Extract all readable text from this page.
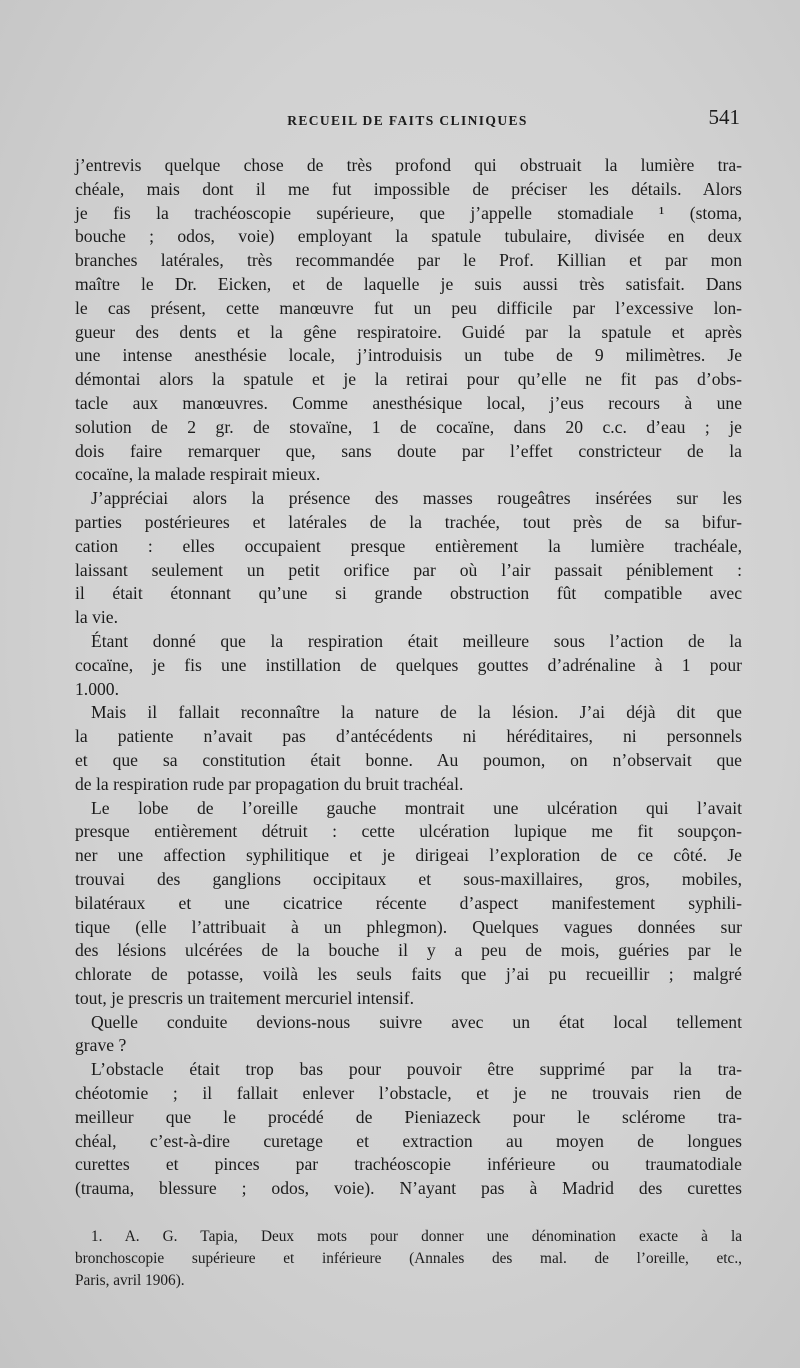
RECUEIL DE FAITS CLINIQUES	541
j’entrevis quelque chose de très profond qui obstruait la lumière tra-
chéale, mais dont il me fut impossible de préciser les détails. Alors
je fis la trachéoscopie supérieure, que j’appelle stomadiale ¹ (stoma,
bouche ; odos, voie) employant la spatule tubulaire, divisée en deux
branches latérales, très recommandée par le Prof. Killian et par mon
maître le Dr. Eicken, et de laquelle je suis aussi très satisfait. Dans
le cas présent, cette manœuvre fut un peu difficile par l’excessive lon-
gueur des dents et la gêne respiratoire. Guidé par la spatule et après
une intense anesthésie locale, j’introduisis un tube de 9 milimètres. Je
démontai alors la spatule et je la retirai pour qu’elle ne fit pas d’obs-
tacle aux manœuvres. Comme anesthésique local, j’eus recours à une
solution de 2 gr. de stovaïne, 1 de cocaïne, dans 20 c.c. d’eau ; je
dois faire remarquer que, sans doute par l’effet constricteur de la
cocaïne, la malade respirait mieux.
J’appréciai alors la présence des masses rougeâtres insérées sur les
parties postérieures et latérales de la trachée, tout près de sa bifur-
cation : elles occupaient presque entièrement la lumière trachéale,
laissant seulement un petit orifice par où l’air passait péniblement :
il était étonnant qu’une si grande obstruction fût compatible avec
la vie.
Étant donné que la respiration était meilleure sous l’action de la
cocaïne, je fis une instillation de quelques gouttes d’adrénaline à 1 pour
1.000.
Mais il fallait reconnaître la nature de la lésion. J’ai déjà dit que
la patiente n’avait pas d’antécédents ni héréditaires, ni personnels
et que sa constitution était bonne. Au poumon, on n’observait que
de la respiration rude par propagation du bruit trachéal.
Le lobe de l’oreille gauche montrait une ulcération qui l’avait
presque entièrement détruit : cette ulcération lupique me fit soupçon-
ner une affection syphilitique et je dirigeai l’exploration de ce côté. Je
trouvai des ganglions occipitaux et sous-maxillaires, gros, mobiles,
bilatéraux et une cicatrice récente d’aspect manifestement syphili-
tique (elle l’attribuait à un phlegmon). Quelques vagues données sur
des lésions ulcérées de la bouche il y a peu de mois, guéries par le
chlorate de potasse, voilà les seuls faits que j’ai pu recueillir ; malgré
tout, je prescris un traitement mercuriel intensif.
Quelle conduite devions-nous suivre avec un état local tellement
grave ?
L’obstacle était trop bas pour pouvoir être supprimé par la tra-
chéotomie ; il fallait enlever l’obstacle, et je ne trouvais rien de
meilleur que le procédé de Pieniazeck pour le sclérome tra-
chéal, c’est-à-dire curetage et extraction au moyen de longues
curettes et pinces par trachéoscopie inférieure ou traumatodiale
(trauma, blessure ; odos, voie). N’ayant pas à Madrid des curettes
1. A. G. Tapia, Deux mots pour donner une dénomination exacte à la
bronchoscopie supérieure et inférieure (Annales des mal. de l’oreille, etc.,
Paris, avril 1906).
